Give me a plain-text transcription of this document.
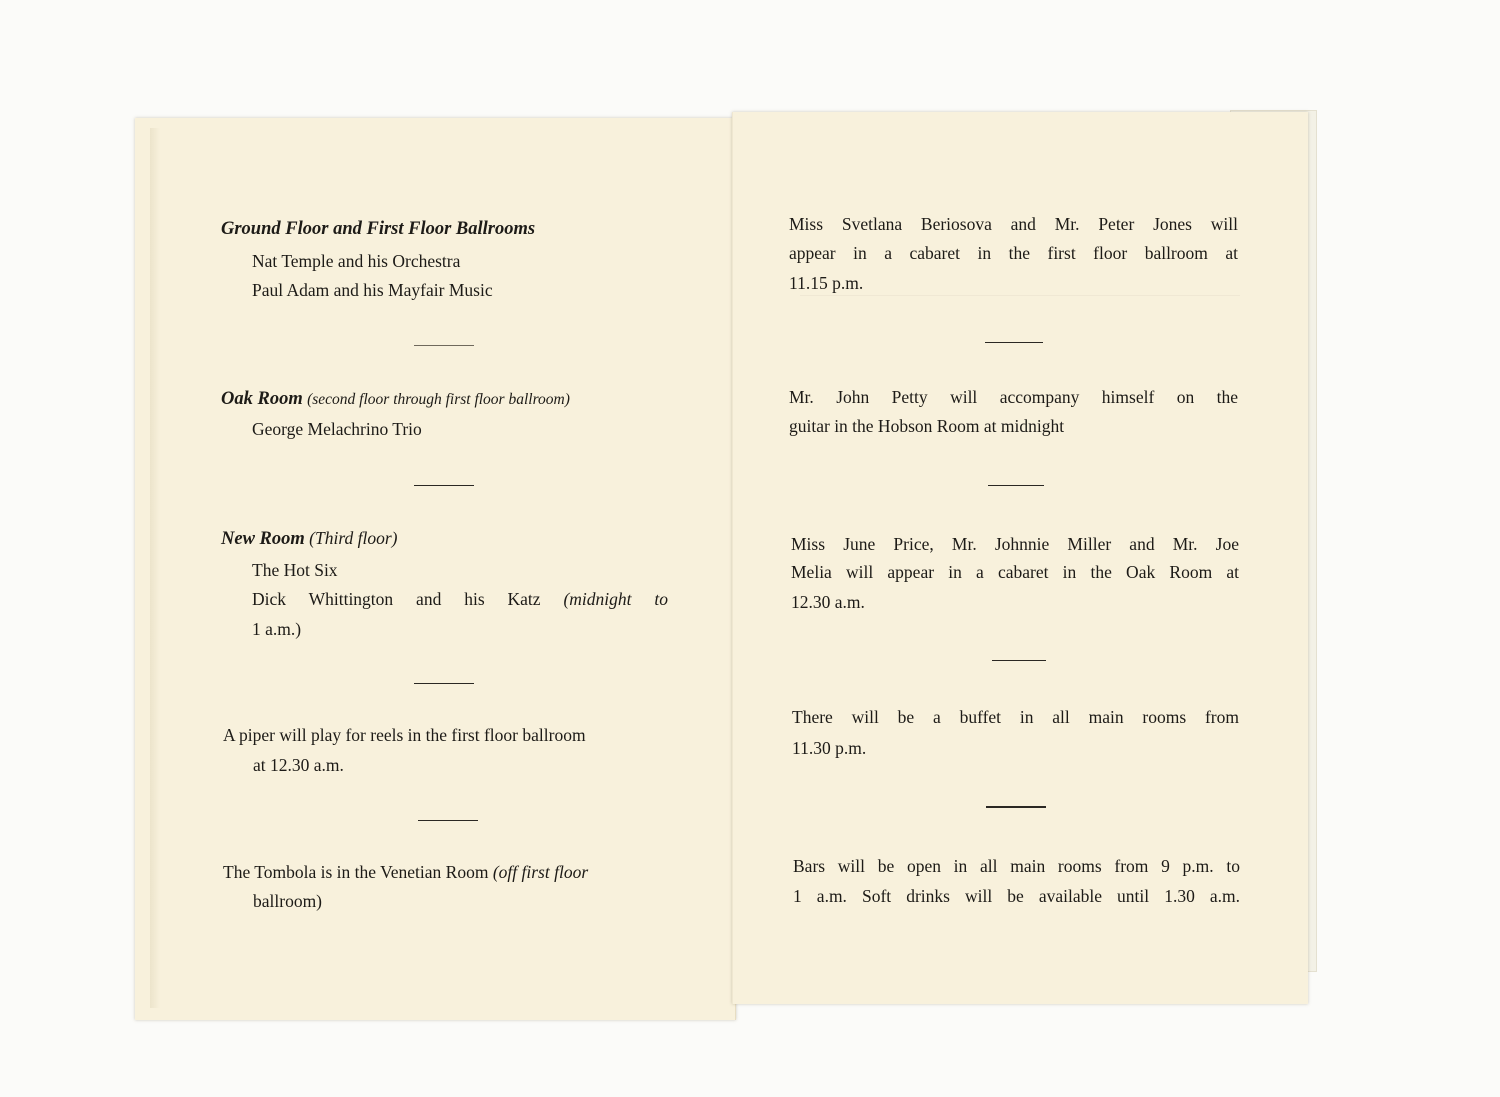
Ground Floor and First Floor Ballrooms
Nat Temple and his Orchestra
Paul Adam and his Mayfair Music
Oak Room (second floor through first floor ballroom)
George Melachrino Trio
New Room (Third floor)
The Hot Six
Dick Whittington and his Katz (midnight to
1 a.m.)
A piper will play for reels in the first floor ballroom
at 12.30 a.m.
The Tombola is in the Venetian Room (off first floor
ballroom)
Miss Svetlana Beriosova and Mr. Peter Jones will
appear in a cabaret in the first floor ballroom at
11.15 p.m.
Mr. John Petty will accompany himself on the
guitar in the Hobson Room at midnight
Miss June Price, Mr. Johnnie Miller and Mr. Joe
Melia will appear in a cabaret in the Oak Room at
12.30 a.m.
There will be a buffet in all main rooms from
11.30 p.m.
Bars will be open in all main rooms from 9 p.m. to
1 a.m. Soft drinks will be available until 1.30 a.m.
